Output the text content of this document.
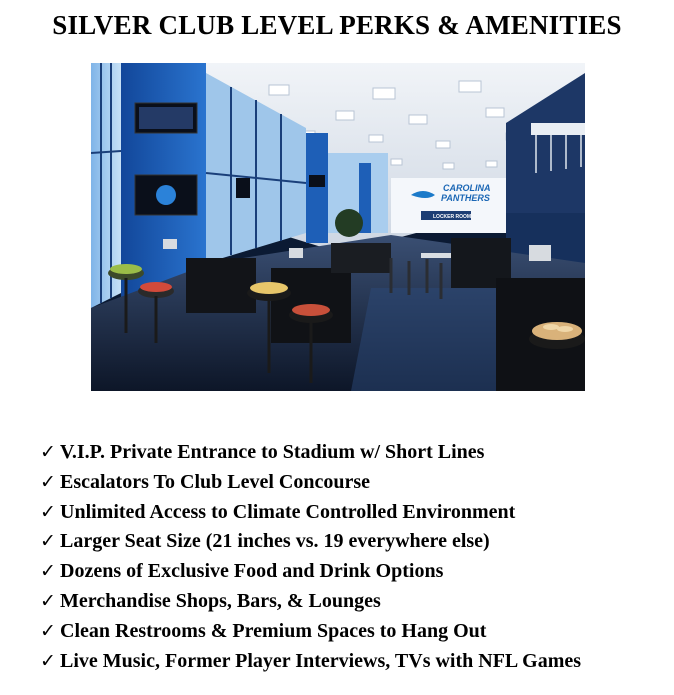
SILVER CLUB LEVEL PERKS & AMENITIES
CAROLINA
PANTHERS
LOCKER ROOM
✓ V.I.P. Private Entrance to Stadium w/ Short Lines
✓ Escalators To Club Level Concourse
✓ Unlimited Access to Climate Controlled Environment
✓ Larger Seat Size (21 inches vs. 19 everywhere else)
✓ Dozens of Exclusive Food and Drink Options
✓ Merchandise Shops, Bars, & Lounges
✓ Clean Restrooms & Premium Spaces to Hang Out
✓ Live Music, Former Player Interviews, TVs with NFL Games
